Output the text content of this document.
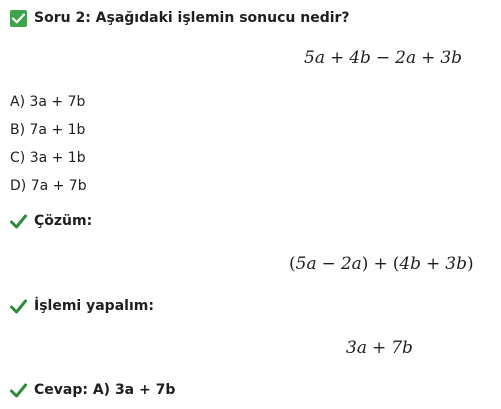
Soru 2: Aşağıdaki işlemin sonucu nedir?
5a + 4b − 2a + 3b
A) 3a + 7b
B) 7a + 1b
C) 3a + 1b
D) 7a + 7b
Çözüm:
(5a − 2a) + (4b + 3b)
İşlemi yapalım:
3a + 7b
Cevap: A) 3a + 7b
